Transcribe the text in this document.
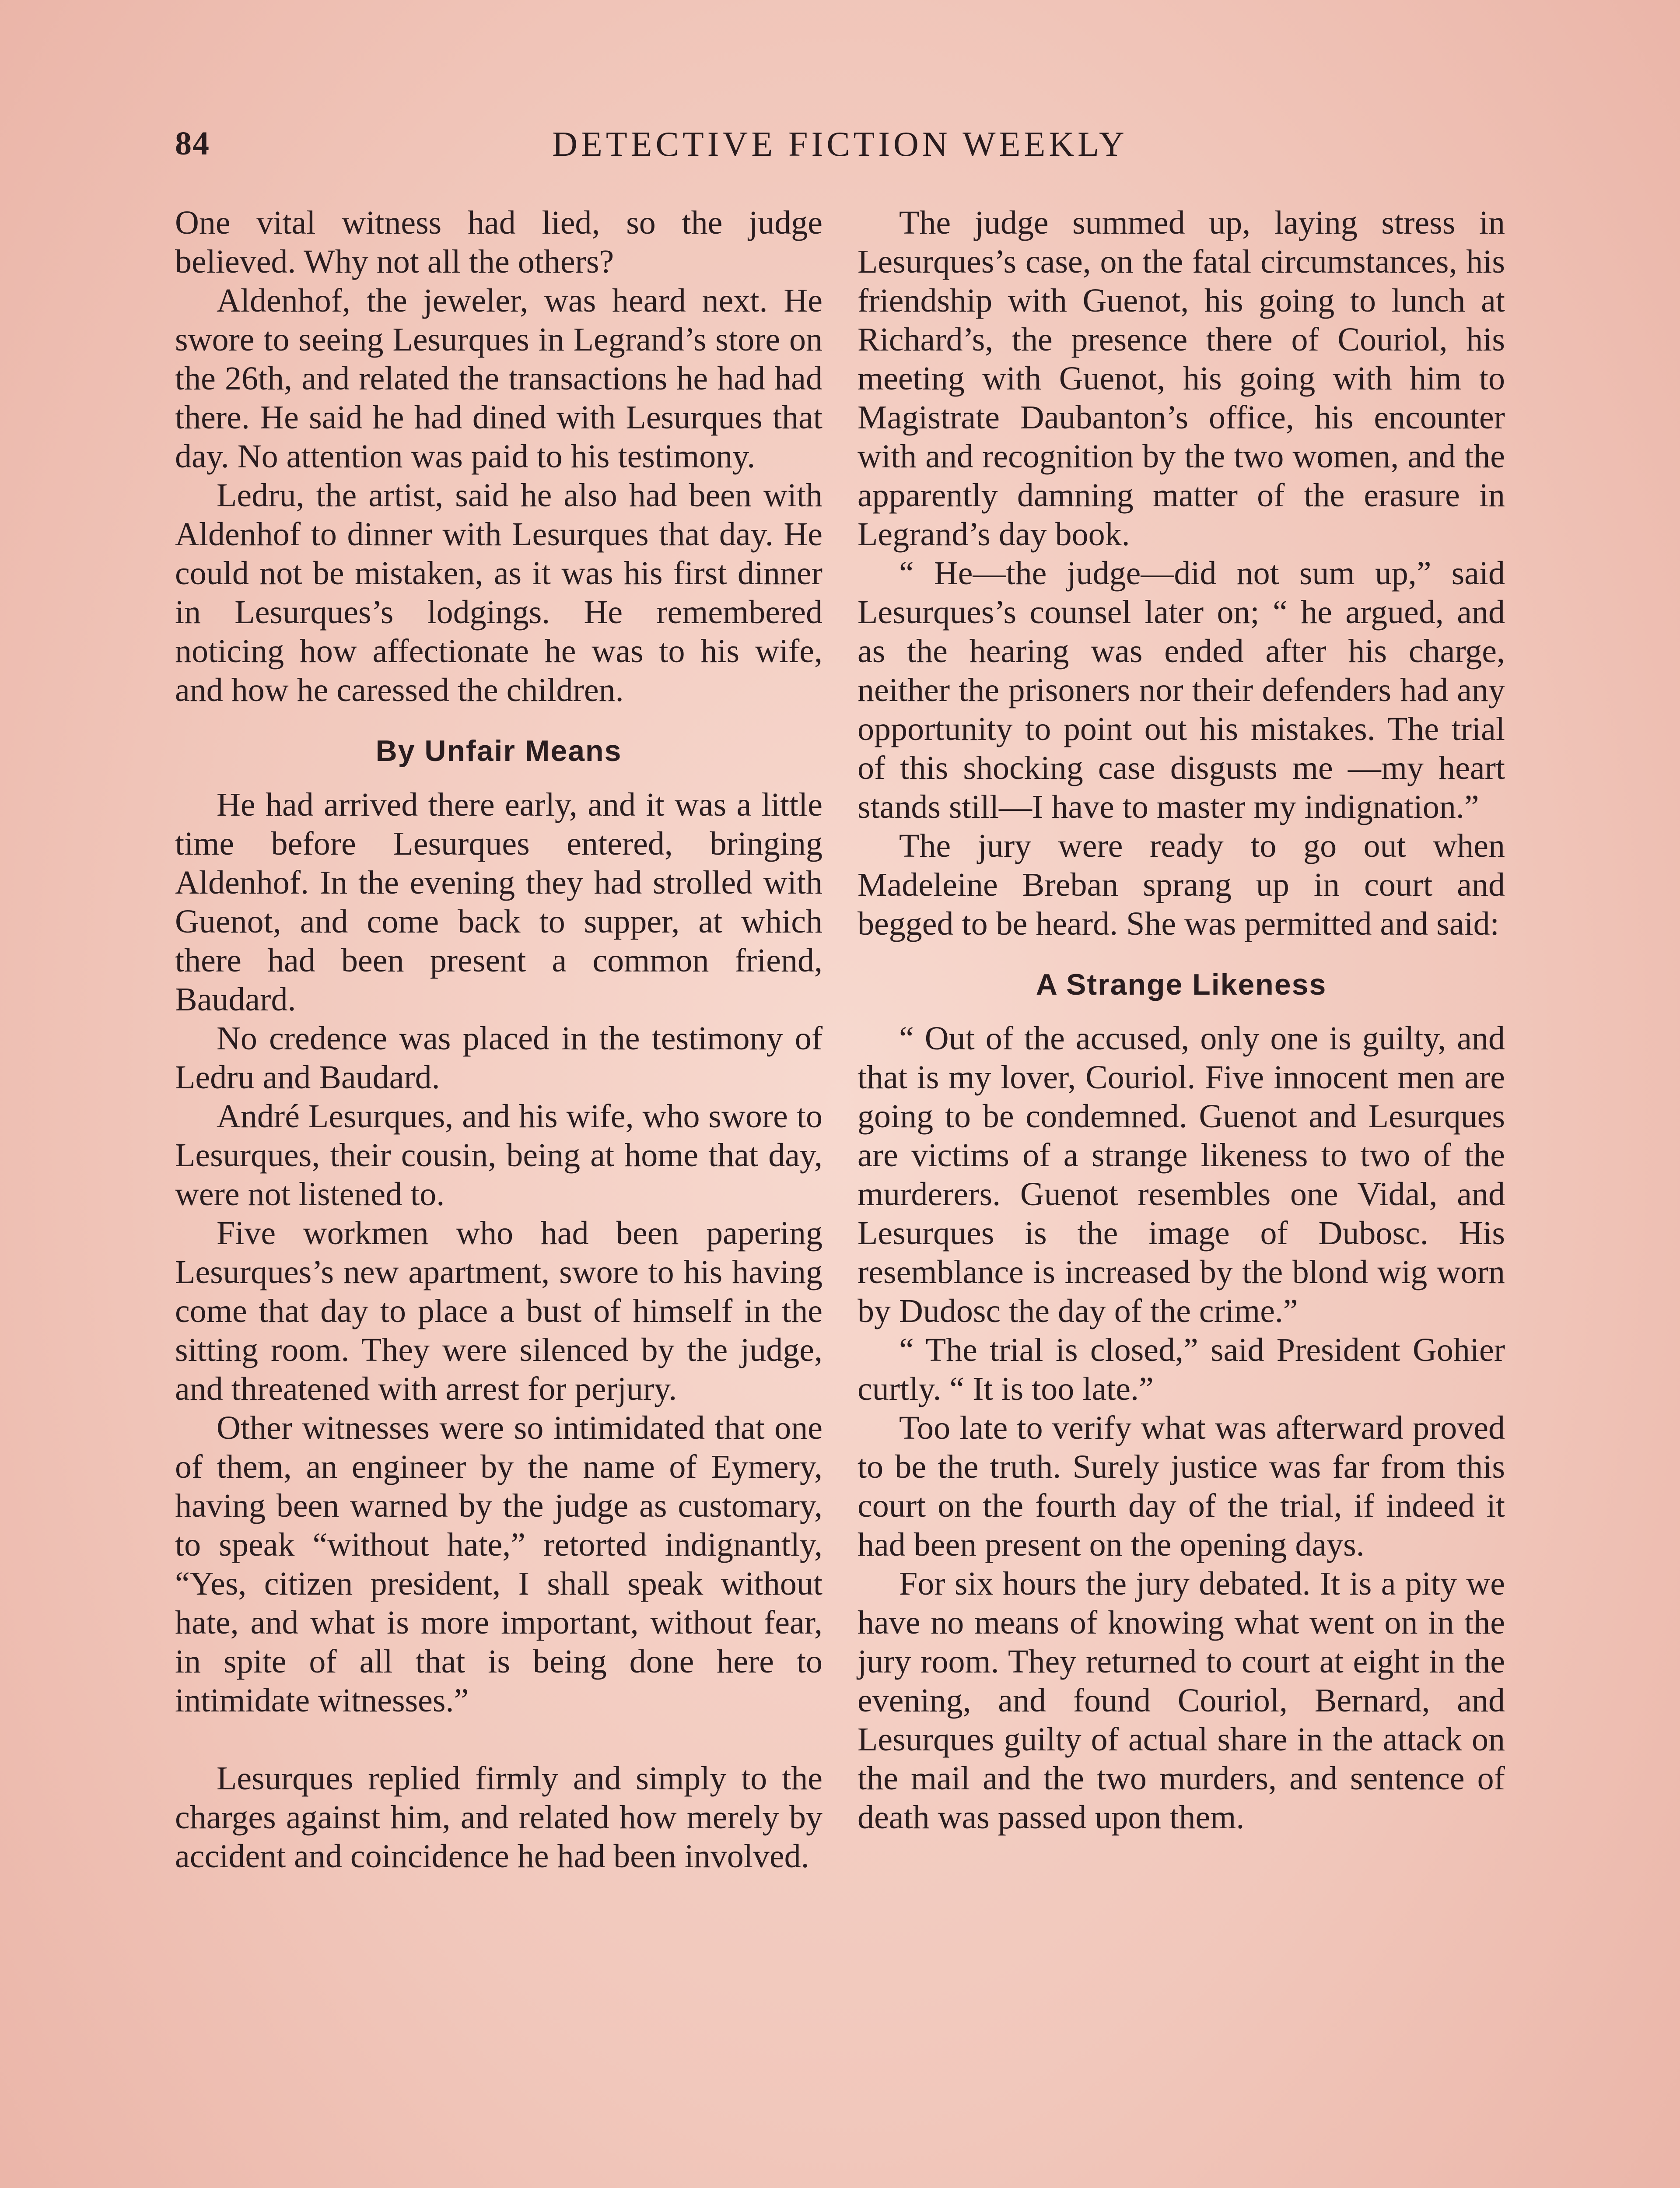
84	DETECTIVE FICTION WEEKLY

One vital witness had lied, so the judge believed. Why not all the others?

Aldenhof, the jeweler, was heard next. He swore to seeing Lesurques in Legrand’s store on the 26th, and related the transactions he had had there. He said he had dined with Lesurques that day. No attention was paid to his testimony.

Ledru, the artist, said he also had been with Aldenhof to dinner with Lesurques that day. He could not be mistaken, as it was his first dinner in Lesurques’s lodgings. He remembered noticing how affectionate he was to his wife, and how he caressed the children.

By Unfair Means

He had arrived there early, and it was a little time before Lesurques entered, bringing Aldenhof. In the evening they had strolled with Guenot, and come back to supper, at which there had been present a common friend, Baudard.

No credence was placed in the testimony of Ledru and Baudard.

André Lesurques, and his wife, who swore to Lesurques, their cousin, being at home that day, were not listened to.

Five workmen who had been papering Lesurques’s new apartment, swore to his having come that day to place a bust of himself in the sitting room. They were silenced by the judge, and threatened with arrest for perjury.

Other witnesses were so intimidated that one of them, an engineer by the name of Eymery, having been warned by the judge as customary, to speak “without hate,” retorted indignantly, “Yes, citizen president, I shall speak without hate, and what is more important, without fear, in spite of all that is being done here to intimidate witnesses.”

Lesurques replied firmly and simply to the charges against him, and related how merely by accident and coincidence he had been involved.

The judge summed up, laying stress in Lesurques’s case, on the fatal circumstances, his friendship with Guenot, his going to lunch at Richard’s, the presence there of Couriol, his meeting with Guenot, his going with him to Magistrate Daubanton’s office, his encounter with and recognition by the two women, and the apparently damning matter of the erasure in Legrand’s day book.

“ He—the judge—did not sum up,” said Lesurques’s counsel later on; “ he argued, and as the hearing was ended after his charge, neither the prisoners nor their defenders had any opportunity to point out his mistakes. The trial of this shocking case disgusts me —my heart stands still—I have to master my indignation.”

The jury were ready to go out when Madeleine Breban sprang up in court and begged to be heard. She was permitted and said:

A Strange Likeness

“ Out of the accused, only one is guilty, and that is my lover, Couriol. Five innocent men are going to be condemned. Guenot and Lesurques are victims of a strange likeness to two of the murderers. Guenot resembles one Vidal, and Lesurques is the image of Dubosc. His resemblance is increased by the blond wig worn by Dudosc the day of the crime.”

“ The trial is closed,” said President Gohier curtly. “ It is too late.”

Too late to verify what was afterward proved to be the truth. Surely justice was far from this court on the fourth day of the trial, if indeed it had been present on the opening days.

For six hours the jury debated. It is a pity we have no means of knowing what went on in the jury room. They returned to court at eight in the evening, and found Couriol, Bernard, and Lesurques guilty of actual share in the attack on the mail and the two murders, and sentence of death was passed upon them.
